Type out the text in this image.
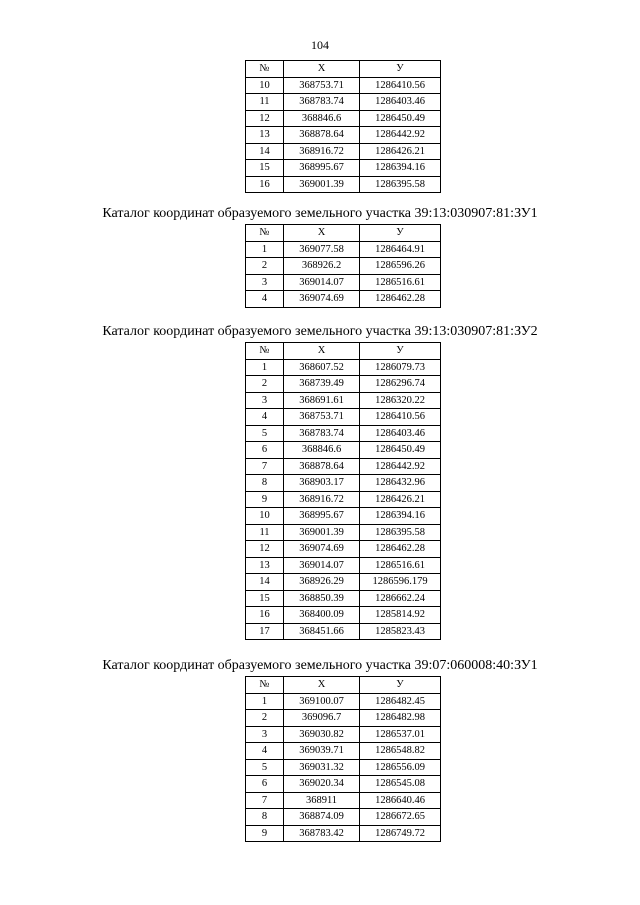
104
№	X	У
10	368753.71	1286410.56
11	368783.74	1286403.46
12	368846.6	1286450.49
13	368878.64	1286442.92
14	368916.72	1286426.21
15	368995.67	1286394.16
16	369001.39	1286395.58
Каталог координат образуемого земельного участка 39:13:030907:81:ЗУ1
№	X	У
1	369077.58	1286464.91
2	368926.2	1286596.26
3	369014.07	1286516.61
4	369074.69	1286462.28
Каталог координат образуемого земельного участка 39:13:030907:81:ЗУ2
№	X	У
1	368607.52	1286079.73
2	368739.49	1286296.74
3	368691.61	1286320.22
4	368753.71	1286410.56
5	368783.74	1286403.46
6	368846.6	1286450.49
7	368878.64	1286442.92
8	368903.17	1286432.96
9	368916.72	1286426.21
10	368995.67	1286394.16
11	369001.39	1286395.58
12	369074.69	1286462.28
13	369014.07	1286516.61
14	368926.29	1286596.179
15	368850.39	1286662.24
16	368400.09	1285814.92
17	368451.66	1285823.43
Каталог координат образуемого земельного участка 39:07:060008:40:ЗУ1
№	X	У
1	369100.07	1286482.45
2	369096.7	1286482.98
3	369030.82	1286537.01
4	369039.71	1286548.82
5	369031.32	1286556.09
6	369020.34	1286545.08
7	368911	1286640.46
8	368874.09	1286672.65
9	368783.42	1286749.72
